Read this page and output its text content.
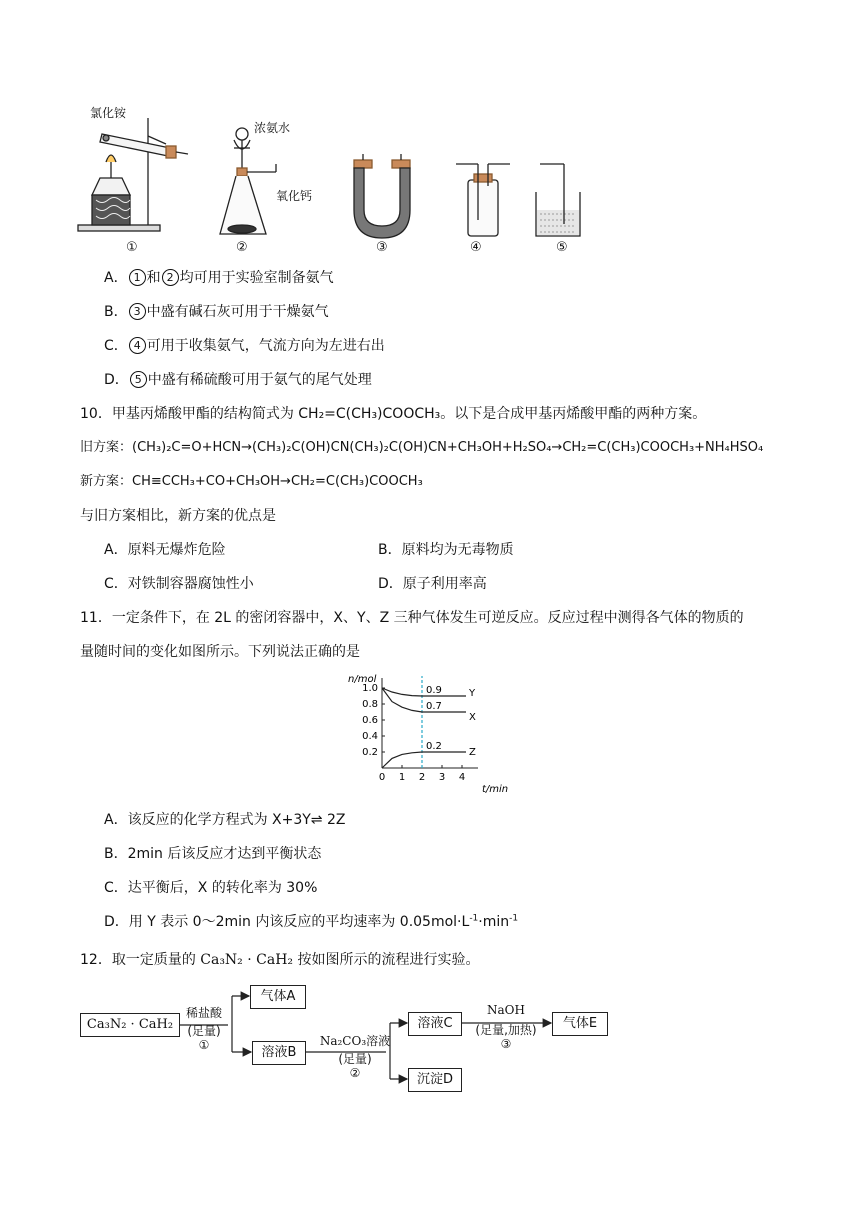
氯化铵
浓氨水
氧化钙
①	②	③	④	⑤
A． 1 和 2 均可用于实验室制备氨气
B． 3 中盛有碱石灰可用于干燥氨气
C． 4 可用于收集氨气，气流方向为左进右出
D． 5 中盛有稀硫酸可用于氨气的尾气处理
10．甲基丙烯酸甲酯的结构简式为 CH₂=C(CH₃)COOCH₃。以下是合成甲基丙烯酸甲酯的两种方案。
旧方案：(CH₃)₂C=O+HCN→(CH₃)₂C(OH)CN(CH₃)₂C(OH)CN+CH₃OH+H₂SO₄→CH₂=C(CH₃)COOCH₃+NH₄HSO₄
新方案：CH≡CCH₃+CO+CH₃OH→CH₂=C(CH₃)COOCH₃
与旧方案相比，新方案的优点是
A．原料无爆炸危险	B．原料均为无毒物质
C．对铁制容器腐蚀性小	D．原子利用率高
11．一定条件下，在 2L 的密闭容器中，X、Y、Z 三种气体发生可逆反应。反应过程中测得各气体的物质的
量随时间的变化如图所示。下列说法正确的是
n/mol
t/min
0.2
0.4
0.6
0.8
1.0
0 1 2 3 4
Y
X
Z
0.9
0.7
0.2
A．该反应的化学方程式为 X+3Y⇌ 2Z
B．2min 后该反应才达到平衡状态
C．达平衡后，X 的转化率为 30%
D．用 Y 表示 0～2min 内该反应的平均速率为 $0.05mol\cdot L^{-1}\cdot\min^{-1}$
12．取一定质量的 Ca₃N₂ · CaH₂ 按如图所示的流程进行实验。
Ca₃N₂ · CaH₂
稀盐酸
(足量)
①
气体A
溶液B
Na₂CO₃溶液
(足量)
②
溶液C
沉淀D
NaOH
(足量,加热)
③
气体E
